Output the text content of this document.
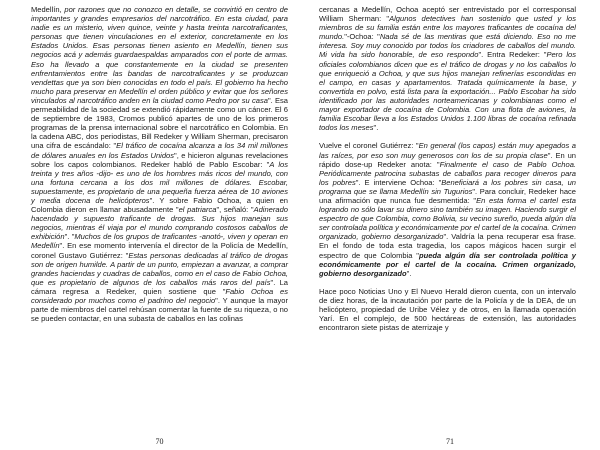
Medellín, por razones que no conozco en detalle, se convirtió en centro de importantes y grandes empresarios del narcotráfico. En esta ciudad, para nadie es un misterio, viven quince, veinte y hasta treinta narcotraficantes, personas que tienen vinculaciones en el exterior, concretamente en los Estados Unidos. Esas personas tienen asiento en Medellín, tienen sus negocios acá y además guardaespaldas amparados con el porte de armas. Eso ha llevado a que constantemente en la ciudad se presenten enfrentamientos entre las bandas de narcotraficantes y se produzcan vendettas que ya son bien conocidas en todo el país. El gobierno ha hecho mucho para preservar en Medellín el orden público y evitar que los señores vinculados al narcotráfico anden en la ciudad como Pedro por su casa". Esa permeabilidad de la sociedad se extendió rápidamente como un cáncer. El 6 de septiembre de 1983, Cromos publicó apartes de uno de los primeros programas de la prensa internacional sobre el narcotráfico en Colombia. En la cadena ABC, dos periodistas, Bill Redeker y William Sherman, precisaron una cifra de escándalo: "El tráfico de cocaína alcanza a los 34 mil millones de dólares anuales en los Estados Unidos", e hicieron algunas revelaciones sobre los capos colombianos. Redeker habló de Pablo Escobar: "A los treinta y tres años -dijo- es uno de los hombres más ricos del mundo, con una fortuna cercana a los dos mil millones de dólares. Escobar, supuestamente, es propietario de una pequeña fuerza aérea de 10 aviones y media docena de helicópteros". Y sobre Fabio Ochoa, a quien en Colombia dieron en llamar abusadamente "el patriarca", señaló: "Adinerado hacendado y supuesto traficante de drogas. Sus hijos manejan sus negocios, mientras él viaja por el mundo comprando costosos caballos de exhibición". "Muchos de los grupos de traficantes -anotó-, viven y operan en Medellín". En ese momento intervenía el director de la Policía de Medellín, coronel Gustavo Gutiérrez: "Estas personas dedicadas al tráfico de drogas son de origen humilde. A partir de un punto, empiezan a avanzar, a comprar grandes haciendas y cuadras de caballos, como en el caso de Fabio Ochoa, que es propietario de algunos de los caballos más raros del país". La cámara regresa a Redeker, quien sostiene que "Fabio Ochoa es considerado por muchos como el padrino del negocio". Y aunque la mayor parte de miembros del cartel rehúsan comentar la fuente de su riqueza, o no se pueden contactar, en una subasta de caballos en las colinas

70

cercanas a Medellín, Ochoa aceptó ser entrevistado por el corresponsal William Sherman: "Algunos detectives han sostenido que usted y los miembros de su familia están entre los mayores traficantes de cocaína del mundo."-Ochoa: "Nada sé de las mentiras que está diciendo. Eso no me interesa. Soy muy conocido por todos los criadores de caballos del mundo. Mi vida ha sido honorable, de eso respondo". Entra Redeker: "Pero los oficiales colombianos dicen que es el tráfico de drogas y no los caballos lo que enriqueció a Ochoa, y que sus hijos manejan refinerías escondidas en el campo, en casas y apartamentos. Tratada químicamente la base, y convertida en polvo, está lista para la exportación... Pablo Escobar ha sido identificado por las autoridades norteamericanas y colombianas como el mayor exportador de cocaína de Colombia. Con una flota de aviones, la familia Escobar lleva a los Estados Unidos 1.100 libras de cocaína refinada todos los meses".

Vuelve el coronel Gutiérrez: "En general (los capos) están muy apegados a las raíces, por eso son muy generosos con los de su propia clase". En un rápido dose-up Redeker anota: "Finalmente el caso de Pablo Ochoa. Periódicamente patrocina subastas de caballos para recoger dineros para los pobres". E interviene Ochoa: "Beneficiará a los pobres sin casa, un programa que se llama Medellín sin Tugurios". Para concluir, Redeker hace una afirmación que nunca fue desmentida: "En esta forma el cartel esta logrando no sólo lavar su dinero sino también su imagen. Haciendo surgir el espectro de que Colombia, como Bolivia, su vecino sureño, pueda algún día ser controlada política y económicamente por el cartel de la cocaína. Crimen organizado, gobierno desorganizado". Valdría la pena recuperar esa frase. En el fondo de toda esta tragedia, los capos mágicos hacen surgir el espectro de que Colombia "pueda algún día ser controlada política y económicamente por el cartel de la cocaína. Crimen organizado, gobierno desorganizado".

Hace poco Noticias Uno y El Nuevo Herald dieron cuenta, con un intervalo de diez horas, de la incautación por parte de la Policía y de la DEA, de un helicóptero, propiedad de Uribe Vélez y de otros, en la llamada operación Yarí. En el complejo, de 500 hectáreas de extensión, las autoridades encontraron siete pistas de aterrizaje y

71
